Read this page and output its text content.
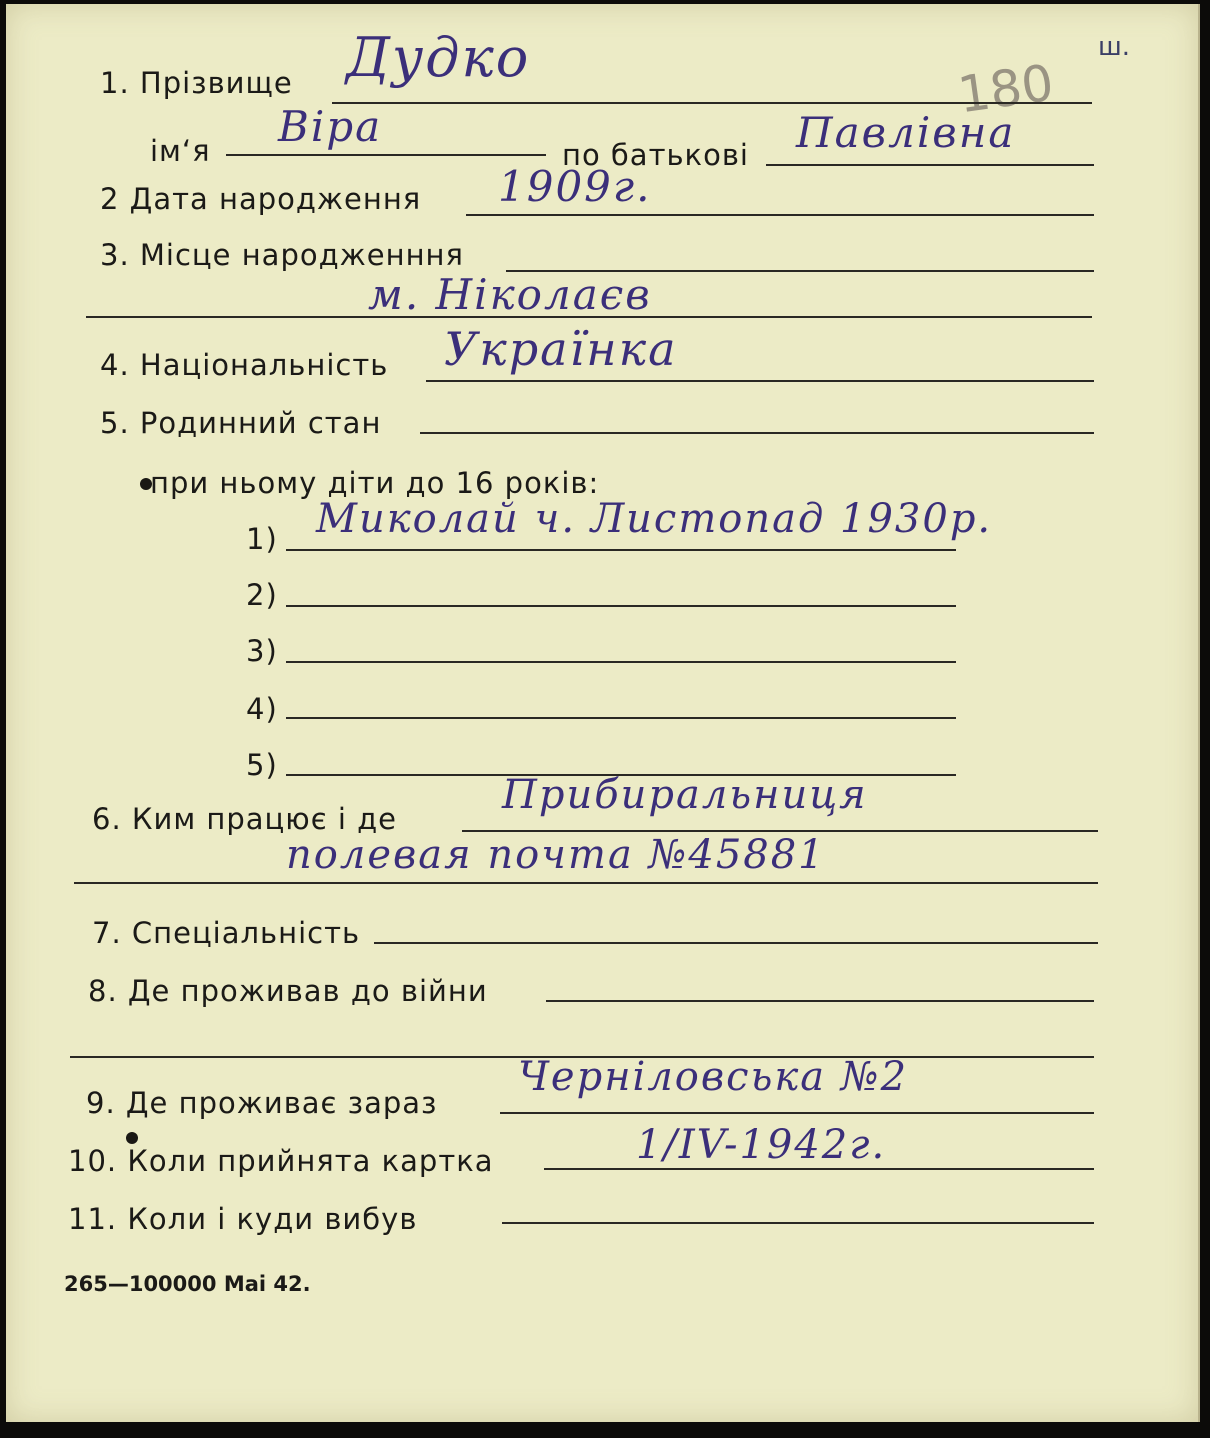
180
ш.
1. Прізвище Дудко
ім‘я Віра
по батькові Павлівна
2 Дата народження 1909г.
3. Місце народженння
м. Ніколаєв
4. Національність Українка
5. Родинний стан
при ньому діти до 16 років:
1) Миколай ч. Листопад 1930р.
2)
3)
4)
5)
6. Ким працює і де
Прибиральниця
полевая почта №45881
7. Спеціальність
8. Де проживав до війни
9. Де проживає зараз
Черніловська №2
10. Коли прийнята картка	1/IV-1942г.
11. Коли і куди вибув
265—100000 Mai 42.
